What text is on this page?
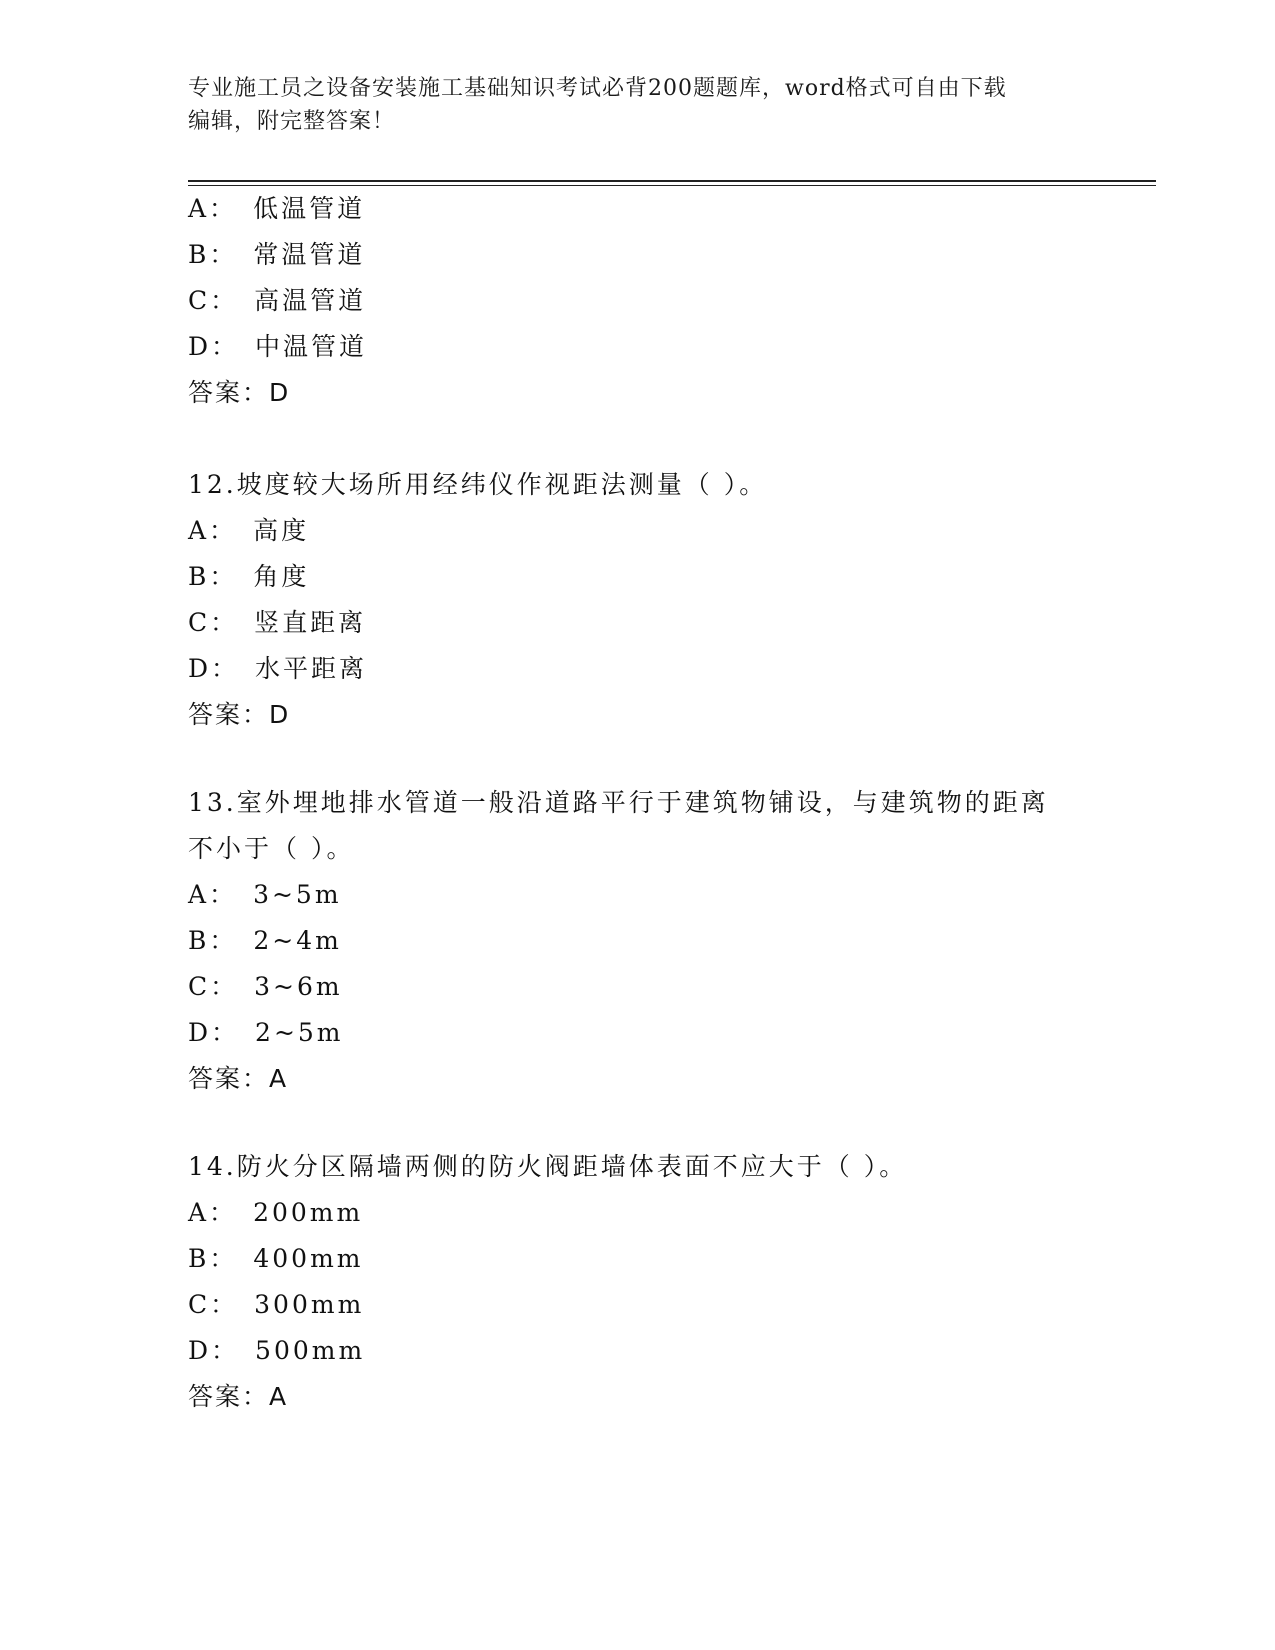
专业施工员之设备安装施工基础知识考试必背200题题库，word格式可自由下载
编辑，附完整答案！
A： 低温管道
B： 常温管道
C： 高温管道
D： 中温管道
答案：D
12.坡度较大场所用经纬仪作视距法测量（ ）。
A： 高度
B： 角度
C： 竖直距离
D： 水平距离
答案：D
13.室外埋地排水管道一般沿道路平行于建筑物铺设，与建筑物的距离
不小于（ ）。
A： 3~5m
B： 2~4m
C： 3~6m
D： 2~5m
答案：A
14.防火分区隔墙两侧的防火阀距墙体表面不应大于（ ）。
A： 200mm
B： 400mm
C： 300mm
D： 500mm
答案：A
